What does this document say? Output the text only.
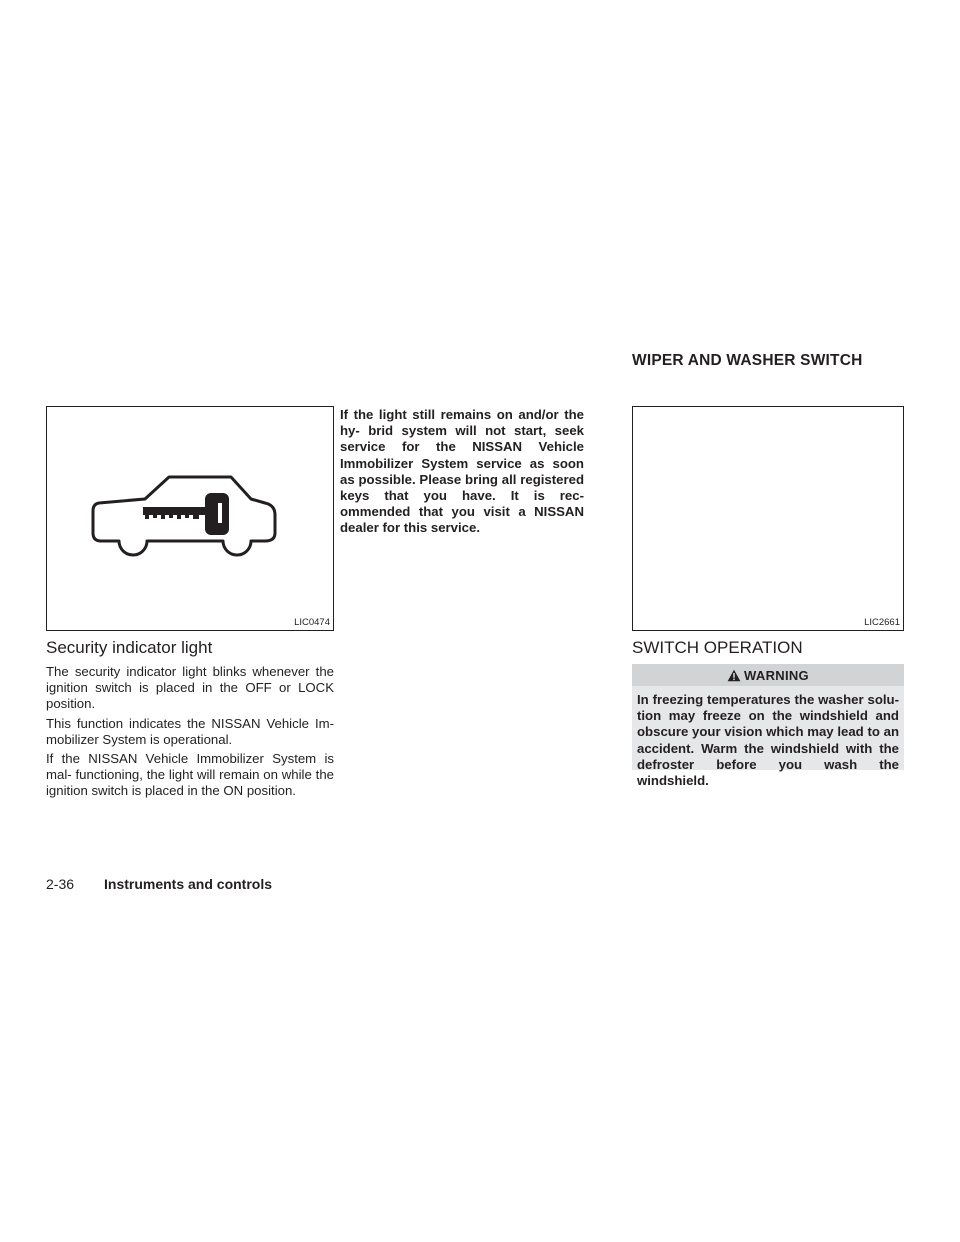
WIPER AND WASHER SWITCH
LIC0474	LIC2661
Security indicator light

The security indicator light blinks whenever the ignition switch is placed in the OFF or LOCK position.

This function indicates the NISSAN Vehicle Im- mobilizer System is operational.

If the NISSAN Vehicle Immobilizer System is mal- functioning, the light will remain on while the ignition switch is placed in the ON position.

If the light still remains on and/or the hy- brid system will not start, seek service for the NISSAN Vehicle Immobilizer System service as soon as possible. Please bring all registered keys that you have. It is rec- ommended that you visit a NISSAN dealer for this service.

SWITCH OPERATION
WARNING

In freezing temperatures the washer solu- tion may freeze on the windshield and obscure your vision which may lead to an accident. Warm the windshield with the defroster before you wash the windshield.

2-36 Instruments and controls
